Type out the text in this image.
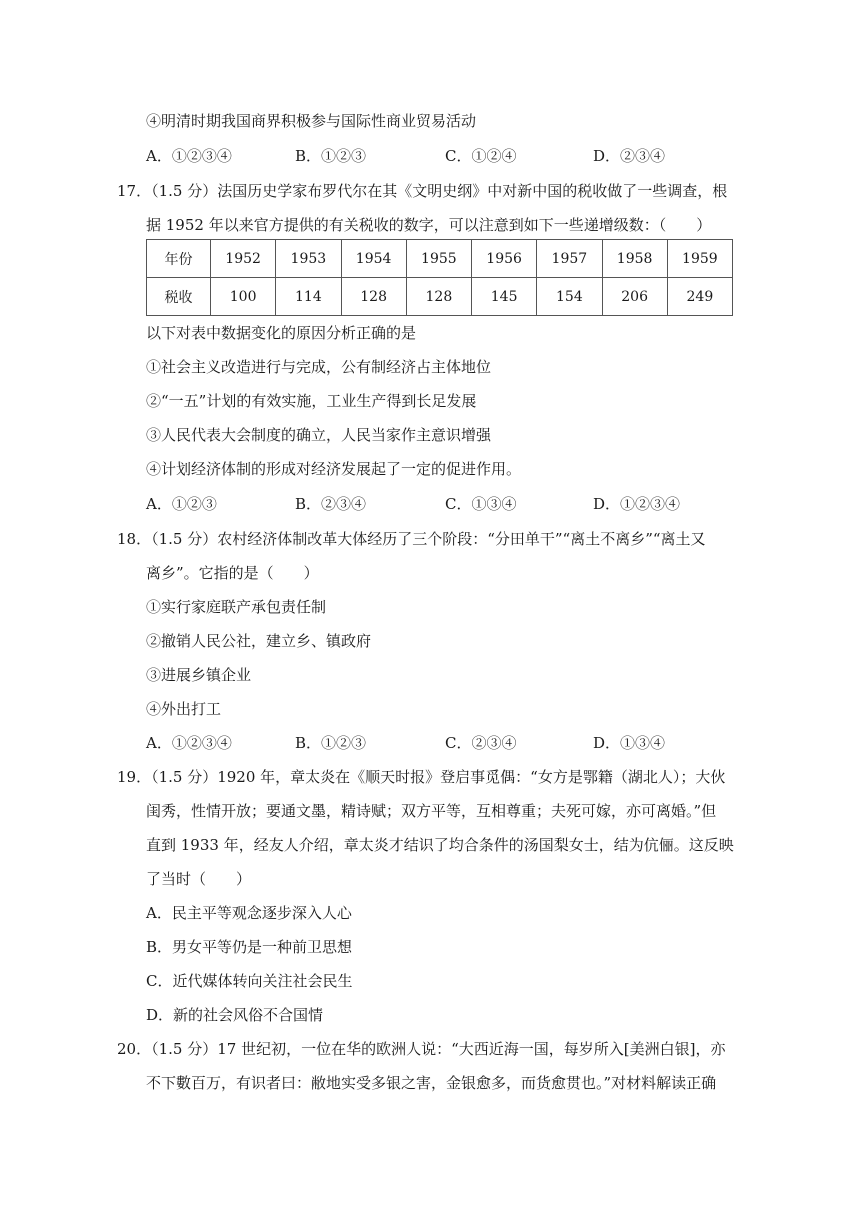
④明清时期我国商界积极参与国际性商业贸易活动
A．①②③④	B．①②③	C．①②④	D．②③④
17．（1.5 分）法国历史学家布罗代尔在其《文明史纲》中对新中国的税收做了一些调查，根
据 1952 年以来官方提供的有关税收的数字，可以注意到如下一些递增级数：（　　）
年份	1952	1953	1954	1955	1956	1957	1958	1959
税收	100	114	128	128	145	154	206	249
以下对表中数据变化的原因分析正确的是
①社会主义改造进行与完成，公有制经济占主体地位
②“一五”计划的有效实施，工业生产得到长足发展
③人民代表大会制度的确立，人民当家作主意识增强
④计划经济体制的形成对经济发展起了一定的促进作用。
A．①②③	B．②③④	C．①③④	D．①②③④
18．（1.5 分）农村经济体制改革大体经历了三个阶段：“分田单干”“离土不离乡”“离土又
离乡”。它指的是（　　）
①实行家庭联产承包责任制
②撤销人民公社，建立乡、镇政府
③进展乡镇企业
④外出打工
A．①②③④	B．①②③	C．②③④	D．①③④
19．（1.5 分）1920 年，章太炎在《顺天时报》登启事觅偶：“女方是鄂籍（湖北人）；大伙
闺秀，性情开放；要通文墨，精诗赋；双方平等，互相尊重；夫死可嫁，亦可离婚。”但
直到 1933 年，经友人介绍，章太炎才结识了均合条件的汤国梨女士，结为伉俪。这反映
了当时（　　）
A．民主平等观念逐步深入人心
B．男女平等仍是一种前卫思想
C．近代媒体转向关注社会民生
D．新的社会风俗不合国情
20．（1.5 分）17 世纪初，一位在华的欧洲人说：“大西近海一国，每岁所入[美洲白银]，亦
不下數百万，有识者曰：敝地实受多银之害，金银愈多，而货愈贯也。”对材料解读正确
